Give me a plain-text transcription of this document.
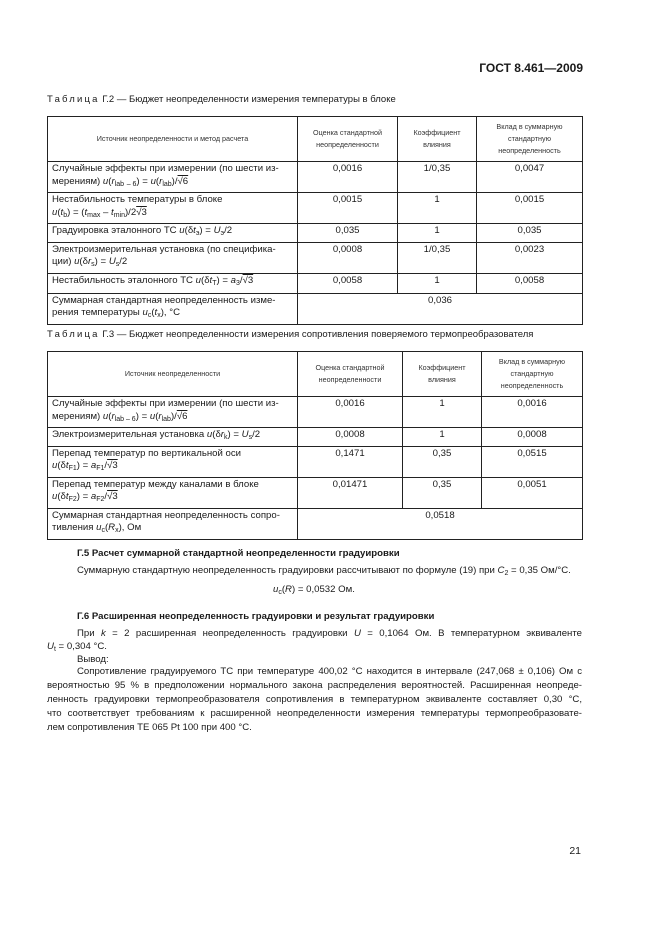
ГОСТ 8.461—2009
Таблица Г.2 — Бюджет неопределенности измерения температуры в блоке
Источник неопределенности и метод расчета	Оценка стандартной неопределенности	Коэффициент влияния	Вклад в суммарную стандартную неопределенность
Случайные эффекты при измерении (по шести из-
мерениям) $u(r_{lab}$ $_{- 6}) = u(r_{lab})/√6$	0,0016	1/0,35	0,0047
Нестабильность температуры в блоке
$u(t_b) = (t_{max} - t_{min})/2√3$	0,0015	1	0,0015
Градуировка эталонного ТС $u(\delta t_э) = U_э/2$	0,035	1	0,035
Электроизмерительная установка (по специфика-
ции) $u(\delta r_s) = U_s/2$	0,0008	1/0,35	0,0023
Нестабильность эталонного ТС $u(\delta t_T) = a_3/√3$	0,0058	1	0,0058
Суммарная стандартная неопределенность изме-
рения температуры $u_c(t_x)$, °С	0,036		
Таблица Г.3 — Бюджет неопределенности измерения сопротивления поверяемого термопреобразователя
Источник неопределенности	Оценка стандартной неопределенности	Коэффициент влияния	Вклад в суммарную стандартную неопределенность
Случайные эффекты при измерении (по шести из-
мерениям) $u(r_{lab - 6}) = u(r_{lab})/√6$	0,0016	1	0,0016
Электроизмерительная установка $u(\delta r_k) = U_s/2$	0,0008	1	0,0008
Перепад температур по вертикальной оси
$u(\delta t_{F1}) = a_{F1}/√3$	0,1471	0,35	0,0515
Перепад температур между каналами в блоке
$u(\delta t_{F2}) = a_{F2}/√3$	0,01471	0,35	0,0051
Суммарная стандартная неопределенность сопро-
тивления $u_c(R_x)$, Ом	0,0518		
Г.5 Расчет суммарной стандартной неопределенности градуировки
Суммарную стандартную неопределенность градуировки рассчитывают по формуле (19) при $C_2 = 0,35$ Ом/°С.
$u_c(R) = 0,0532$ Ом.
Г.6 Расширенная неопределенность градуировки и результат градуировки
При k = 2 расширенная неопределенность градуировки U = 0,1064 Ом. В температурном эквиваленте
$U_t = 0,304$ °С.
Вывод:
Сопротивление градуируемого ТС при температуре 400,02 °С находится в интервале (247,068 ± 0,106) Ом с
вероятностью 95 % в предположении нормального закона распределения вероятностей. Расширенная неопреде-
ленность градуировки термопреобразователя сопротивления в температурном эквиваленте составляет 0,30 °С,
что соответствует требованиям к расширенной неопределенности измерения температуры термопреобразовате-
лем сопротивления ТЕ 065 Pt 100 при 400 °С.
21
